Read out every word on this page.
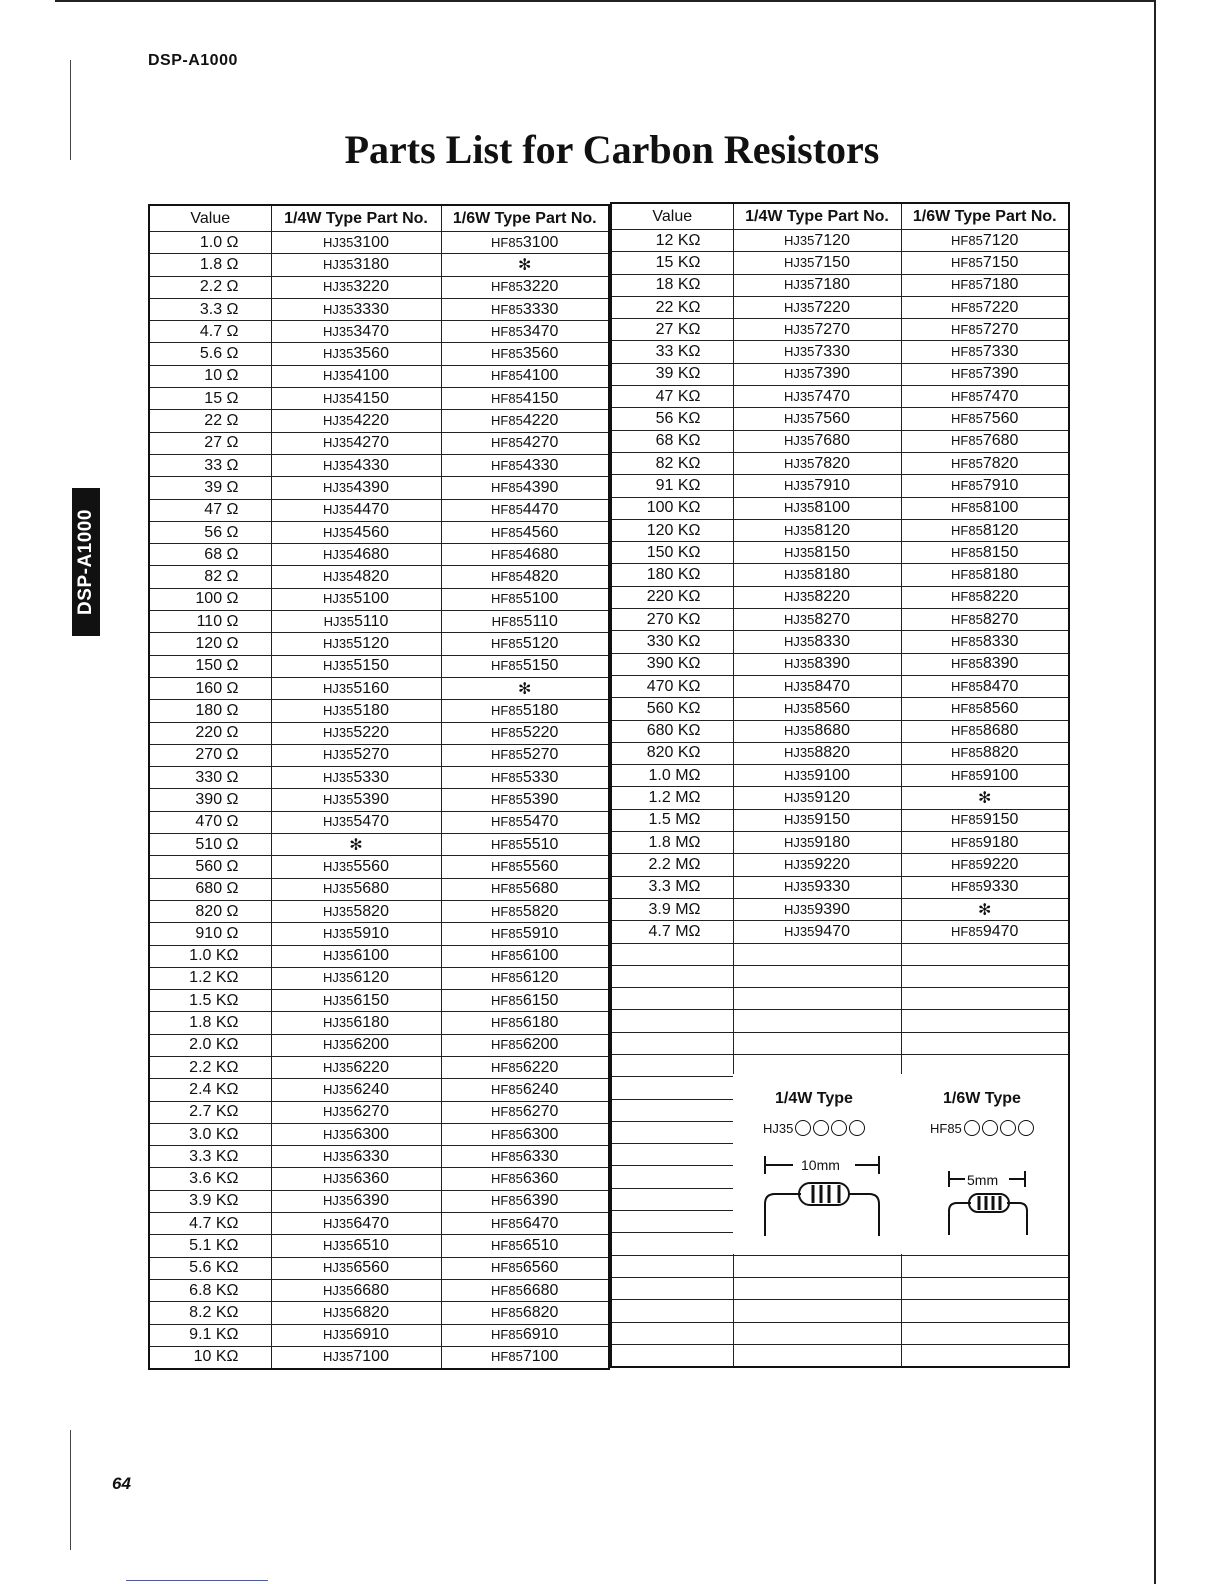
DSP-A1000
Parts List for Carbon Resistors
DSP-A1000
Value	1/4W Type Part No.	1/6W Type Part No.
1.0 Ω	HJ353100	HF853100
1.8 Ω	HJ353180	✻
2.2 Ω	HJ353220	HF853220
3.3 Ω	HJ353330	HF853330
4.7 Ω	HJ353470	HF853470
5.6 Ω	HJ353560	HF853560
10 Ω	HJ354100	HF854100
15 Ω	HJ354150	HF854150
22 Ω	HJ354220	HF854220
27 Ω	HJ354270	HF854270
33 Ω	HJ354330	HF854330
39 Ω	HJ354390	HF854390
47 Ω	HJ354470	HF854470
56 Ω	HJ354560	HF854560
68 Ω	HJ354680	HF854680
82 Ω	HJ354820	HF854820
100 Ω	HJ355100	HF855100
110 Ω	HJ355110	HF855110
120 Ω	HJ355120	HF855120
150 Ω	HJ355150	HF855150
160 Ω	HJ355160	✻
180 Ω	HJ355180	HF855180
220 Ω	HJ355220	HF855220
270 Ω	HJ355270	HF855270
330 Ω	HJ355330	HF855330
390 Ω	HJ355390	HF855390
470 Ω	HJ355470	HF855470
510 Ω	✻	HF855510
560 Ω	HJ355560	HF855560
680 Ω	HJ355680	HF855680
820 Ω	HJ355820	HF855820
910 Ω	HJ355910	HF855910
1.0 KΩ	HJ356100	HF856100
1.2 KΩ	HJ356120	HF856120
1.5 KΩ	HJ356150	HF856150
1.8 KΩ	HJ356180	HF856180
2.0 KΩ	HJ356200	HF856200
2.2 KΩ	HJ356220	HF856220
2.4 KΩ	HJ356240	HF856240
2.7 KΩ	HJ356270	HF856270
3.0 KΩ	HJ356300	HF856300
3.3 KΩ	HJ356330	HF856330
3.6 KΩ	HJ356360	HF856360
3.9 KΩ	HJ356390	HF856390
4.7 KΩ	HJ356470	HF856470
5.1 KΩ	HJ356510	HF856510
5.6 KΩ	HJ356560	HF856560
6.8 KΩ	HJ356680	HF856680
8.2 KΩ	HJ356820	HF856820
9.1 KΩ	HJ356910	HF856910
10 KΩ	HJ357100	HF857100
Value	1/4W Type Part No.	1/6W Type Part No.
12 KΩ	HJ357120	HF857120
15 KΩ	HJ357150	HF857150
18 KΩ	HJ357180	HF857180
22 KΩ	HJ357220	HF857220
27 KΩ	HJ357270	HF857270
33 KΩ	HJ357330	HF857330
39 KΩ	HJ357390	HF857390
47 KΩ	HJ357470	HF857470
56 KΩ	HJ357560	HF857560
68 KΩ	HJ357680	HF857680
82 KΩ	HJ357820	HF857820
91 KΩ	HJ357910	HF857910
100 KΩ	HJ358100	HF858100
120 KΩ	HJ358120	HF858120
150 KΩ	HJ358150	HF858150
180 KΩ	HJ358180	HF858180
220 KΩ	HJ358220	HF858220
270 KΩ	HJ358270	HF858270
330 KΩ	HJ358330	HF858330
390 KΩ	HJ358390	HF858390
470 KΩ	HJ358470	HF858470
560 KΩ	HJ358560	HF858560
680 KΩ	HJ358680	HF858680
820 KΩ	HJ358820	HF858820
1.0 MΩ	HJ359100	HF859100
1.2 MΩ	HJ359120	✻
1.5 MΩ	HJ359150	HF859150
1.8 MΩ	HJ359180	HF859180
2.2 MΩ	HJ359220	HF859220
3.3 MΩ	HJ359330	HF859330
3.9 MΩ	HJ359390	✻
4.7 MΩ	HJ359470	HF859470

1/4W Type	1/6W Type
HJ35	HF85
10mm
5mm
64
